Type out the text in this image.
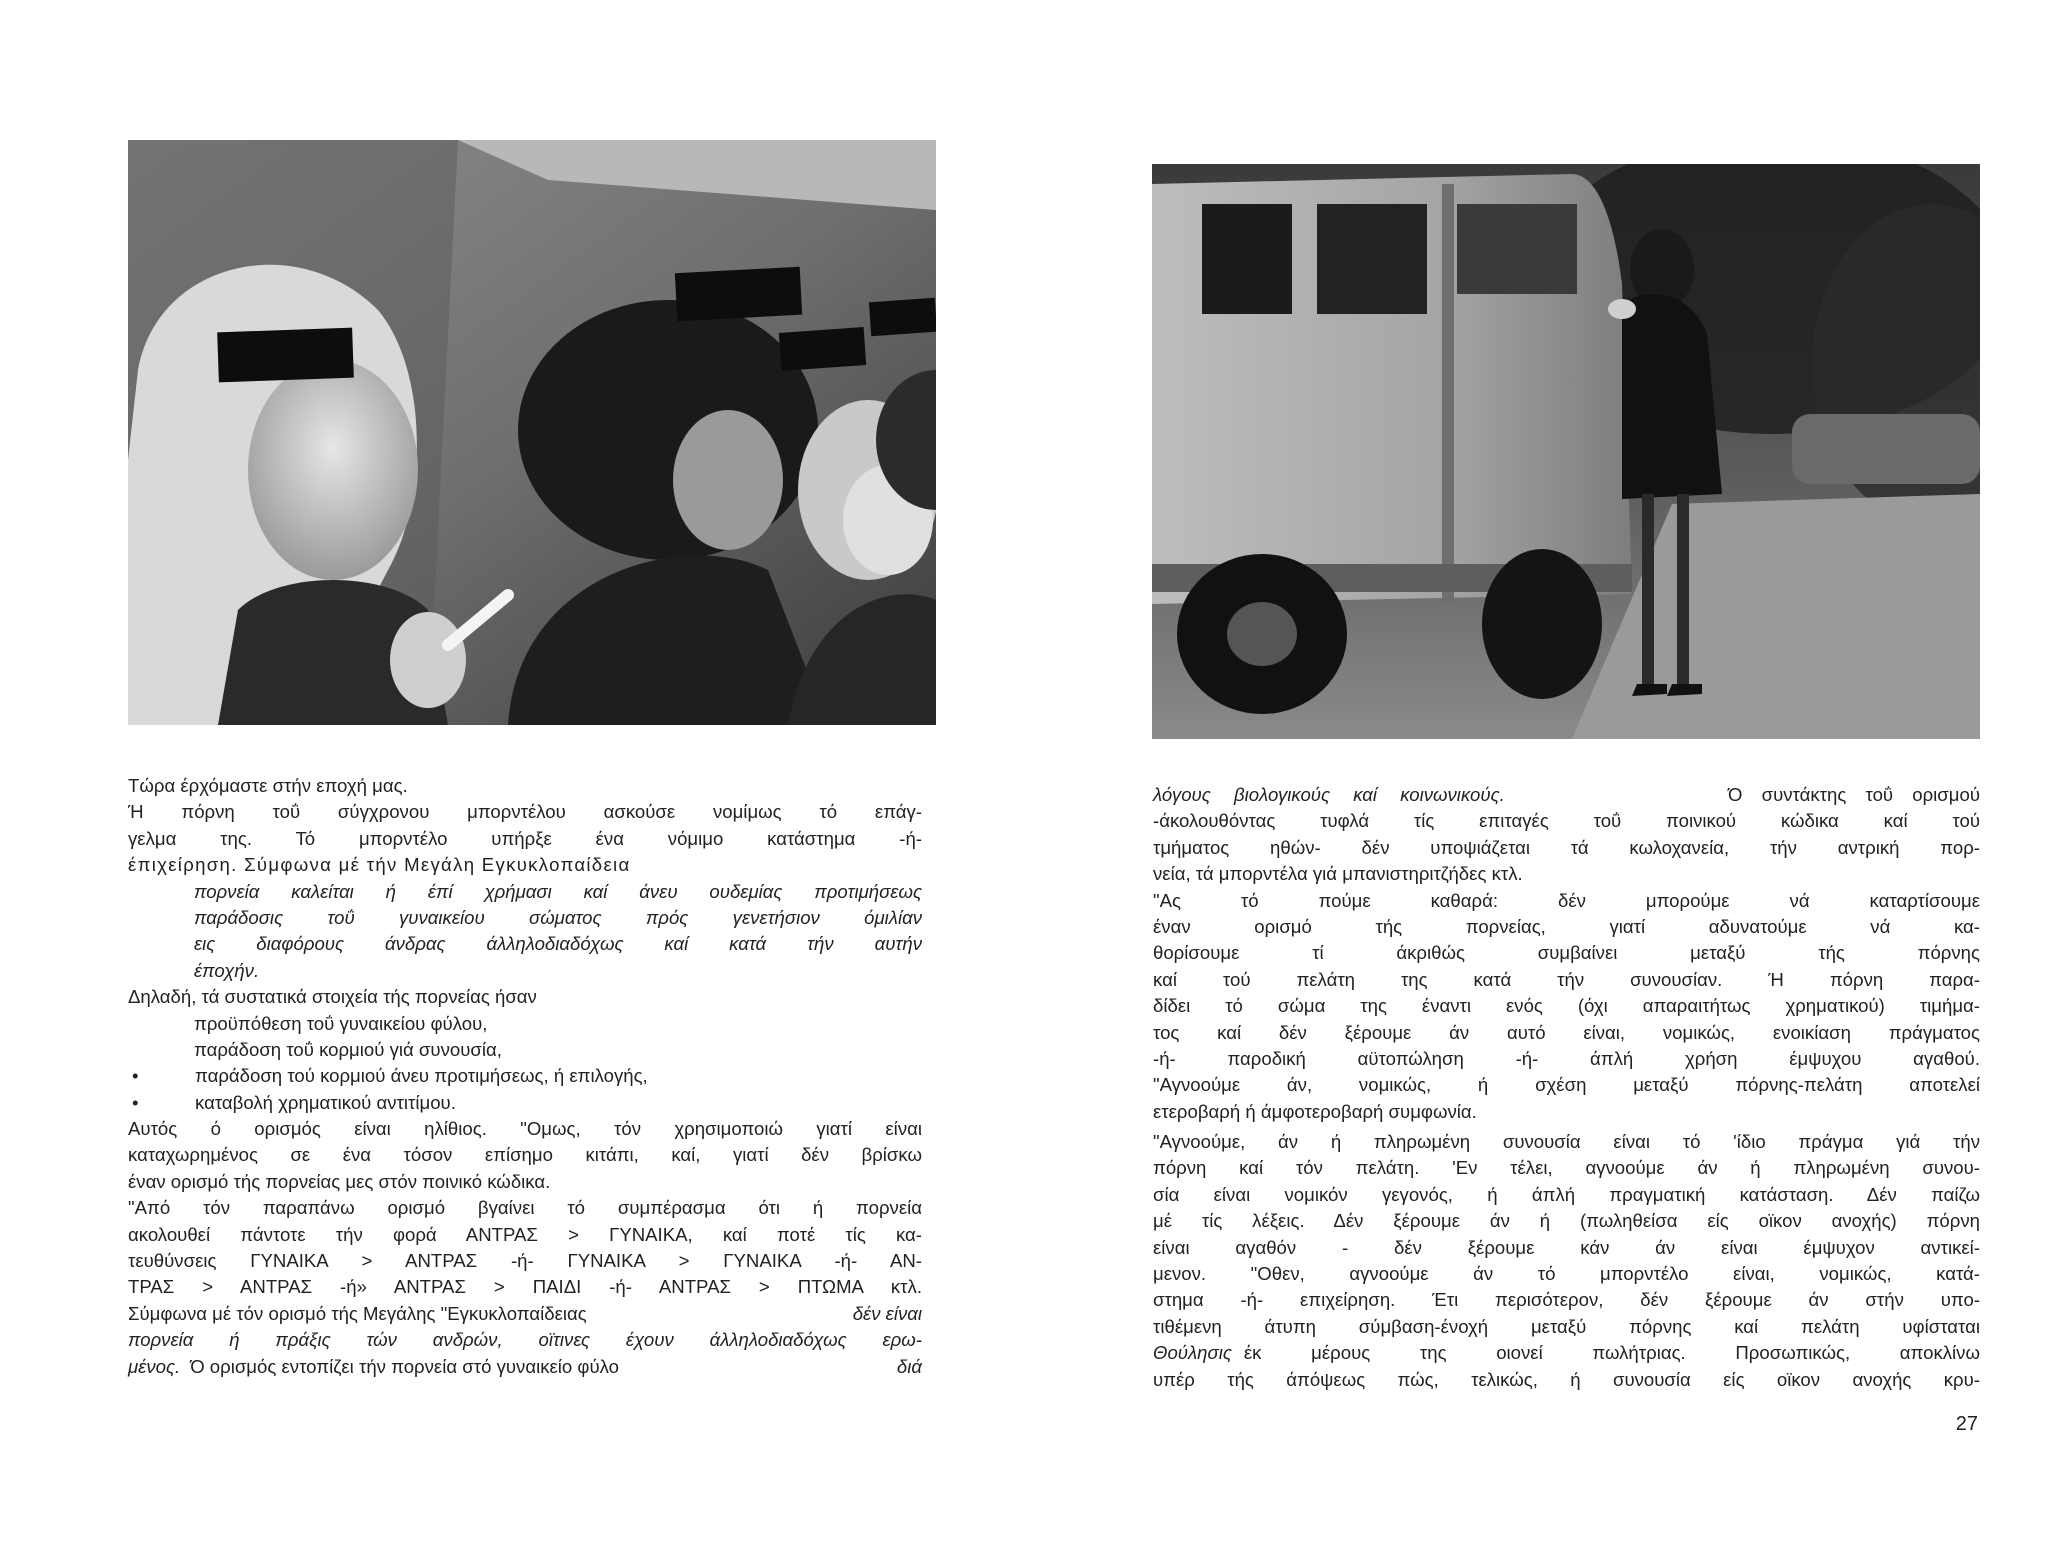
Τώρα έρχόμαστε στήν εποχή μας.
Ή πόρνη τοΰ σύγχρονου μπορντέλου ασκούσε νομίμως τό επάγ-
γελμα της. Τό μπορντέλο υπήρξε ένα νόμιμο κατάστημα -ή-
έπιχείρηση. Σύμφωνα μέ τήν Μεγάλη Εγκυκλοπαίδεια
πορνεία καλείται ή έπί χρήμασι καί άνευ ουδεμίας προτιμήσεως
παράδοσις τοΰ γυναικείου σώματος πρός γενετήσιον όμιλίαν
εις διαφόρους άνδρας άλληλοδιαδόχως καί κατά τήν αυτήν
έποχήν.
Δηλαδή, τά συστατικά στοιχεία τής πορνείας ήσαν
προϋπόθεση τοΰ γυναικείου φύλου,
παράδοση τοΰ κορμιού γιά συνουσία,
•	παράδοση τού κορμιού άνευ προτιμήσεως, ή επιλογής,
•	καταβολή χρηματικού αντιτίμου.
Αυτός ό ορισμός είναι ηλίθιος. "Ομως, τόν χρησιμοποιώ γιατί είναι
καταχωρημένος σε ένα τόσον επίσημο κιτάπι, καί, γιατί δέν βρίσκω
έναν ορισμό τής πορνείας μες στόν ποινικό κώδικα.
"Από τόν παραπάνω ορισμό βγαίνει τό συμπέρασμα ότι ή πορνεία
ακολουθεί πάντοτε τήν φορά ΑΝΤΡΑΣ > ΓΥΝΑΙΚΑ, καί ποτέ τίς κα-
τευθύνσεις ΓΥΝΑΙΚΑ > ΑΝΤΡΑΣ -ή- ΓΥΝΑΙΚΑ > ΓΥΝΑΙΚΑ -ή- ΑΝ-
ΤΡΑΣ > ΑΝΤΡΑΣ -ή» ΑΝΤΡΑΣ > ΠΑΙΔΙ -ή- ΑΝΤΡΑΣ > ΠΤΩΜΑ κτλ.
Σύμφωνα μέ τόν ορισμό τής Μεγάλης "Εγκυκλοπαίδειας	δέν είναι
πορνεία ή πράξις τών ανδρών, οϊτινες έχουν άλληλοδιαδόχως ερω-
μένος. Ό ορισμός εντοπίζει τήν πορνεία στό γυναικείο φύλο	διά
λόγους βιολογικούς καί κοινωνικούς.	Ό συντάκτης τοΰ ορισμού
-άκολουθόντας τυφλά τίς επιταγές τοΰ ποινικού κώδικα καί τού
τμήματος ηθών- δέν υποψιάζεται τά κωλοχανεία, τήν αντρική πορ-
νεία, τά μπορντέλα γιά μπανιστηριτζήδες κτλ.
"Ας τό πούμε καθαρά: δέν μπορούμε νά καταρτίσουμε
έναν ορισμό τής πορνείας, γιατί αδυνατούμε νά κα-
θορίσουμε τί άκριθώς συμβαίνει μεταξύ τής πόρνης
καί τού πελάτη της κατά τήν συνουσίαν. Ή πόρνη παρα-
δίδει τό σώμα της έναντι ενός (όχι απαραιτήτως χρηματικού) τιμήμα-
τος καί δέν ξέρουμε άν αυτό είναι, νομικώς, ενοικίαση πράγματος
-ή- παροδική αϋτοπώληση -ή- άπλή χρήση έμψυχου αγαθού.
"Αγνοούμε άν, νομικώς, ή σχέση μεταξύ πόρνης-πελάτη αποτελεί
ετεροβαρή ή άμφοτεροβαρή συμφωνία.
"Αγνοούμε, άν ή πληρωμένη συνουσία είναι τό 'ίδιο πράγμα γιά τήν
πόρνη καί τόν πελάτη. 'Εν τέλει, αγνοούμε άν ή πληρωμένη συνου-
σία είναι νομικόν γεγονός, ή άπλή πραγματική κατάσταση. Δέν παίζω
μέ τίς λέξεις. Δέν ξέρουμε άν ή (πωληθείσα είς οϊκον ανοχής) πόρνη
είναι αγαθόν - δέν ξέρουμε κάν άν είναι έμψυχον αντικεί-
μενον. "Οθεν, αγνοούμε άν τό μπορντέλο είναι, νομικώς, κατά-
στημα -ή- επιχείρηση. Έτι περισότερον, δέν ξέρουμε άν στήν υπο-
τιθέμενη άτυπη σύμβαση-ένοχή μεταξύ πόρνης καί πελάτη υφίσταται
Θούλησις έκ μέρους της οιονεί πωλήτριας. Προσωπικώς, αποκλίνω
υπέρ τής άπόψεως πώς, τελικώς, ή συνουσία είς οϊκον ανοχής κρυ-
27
